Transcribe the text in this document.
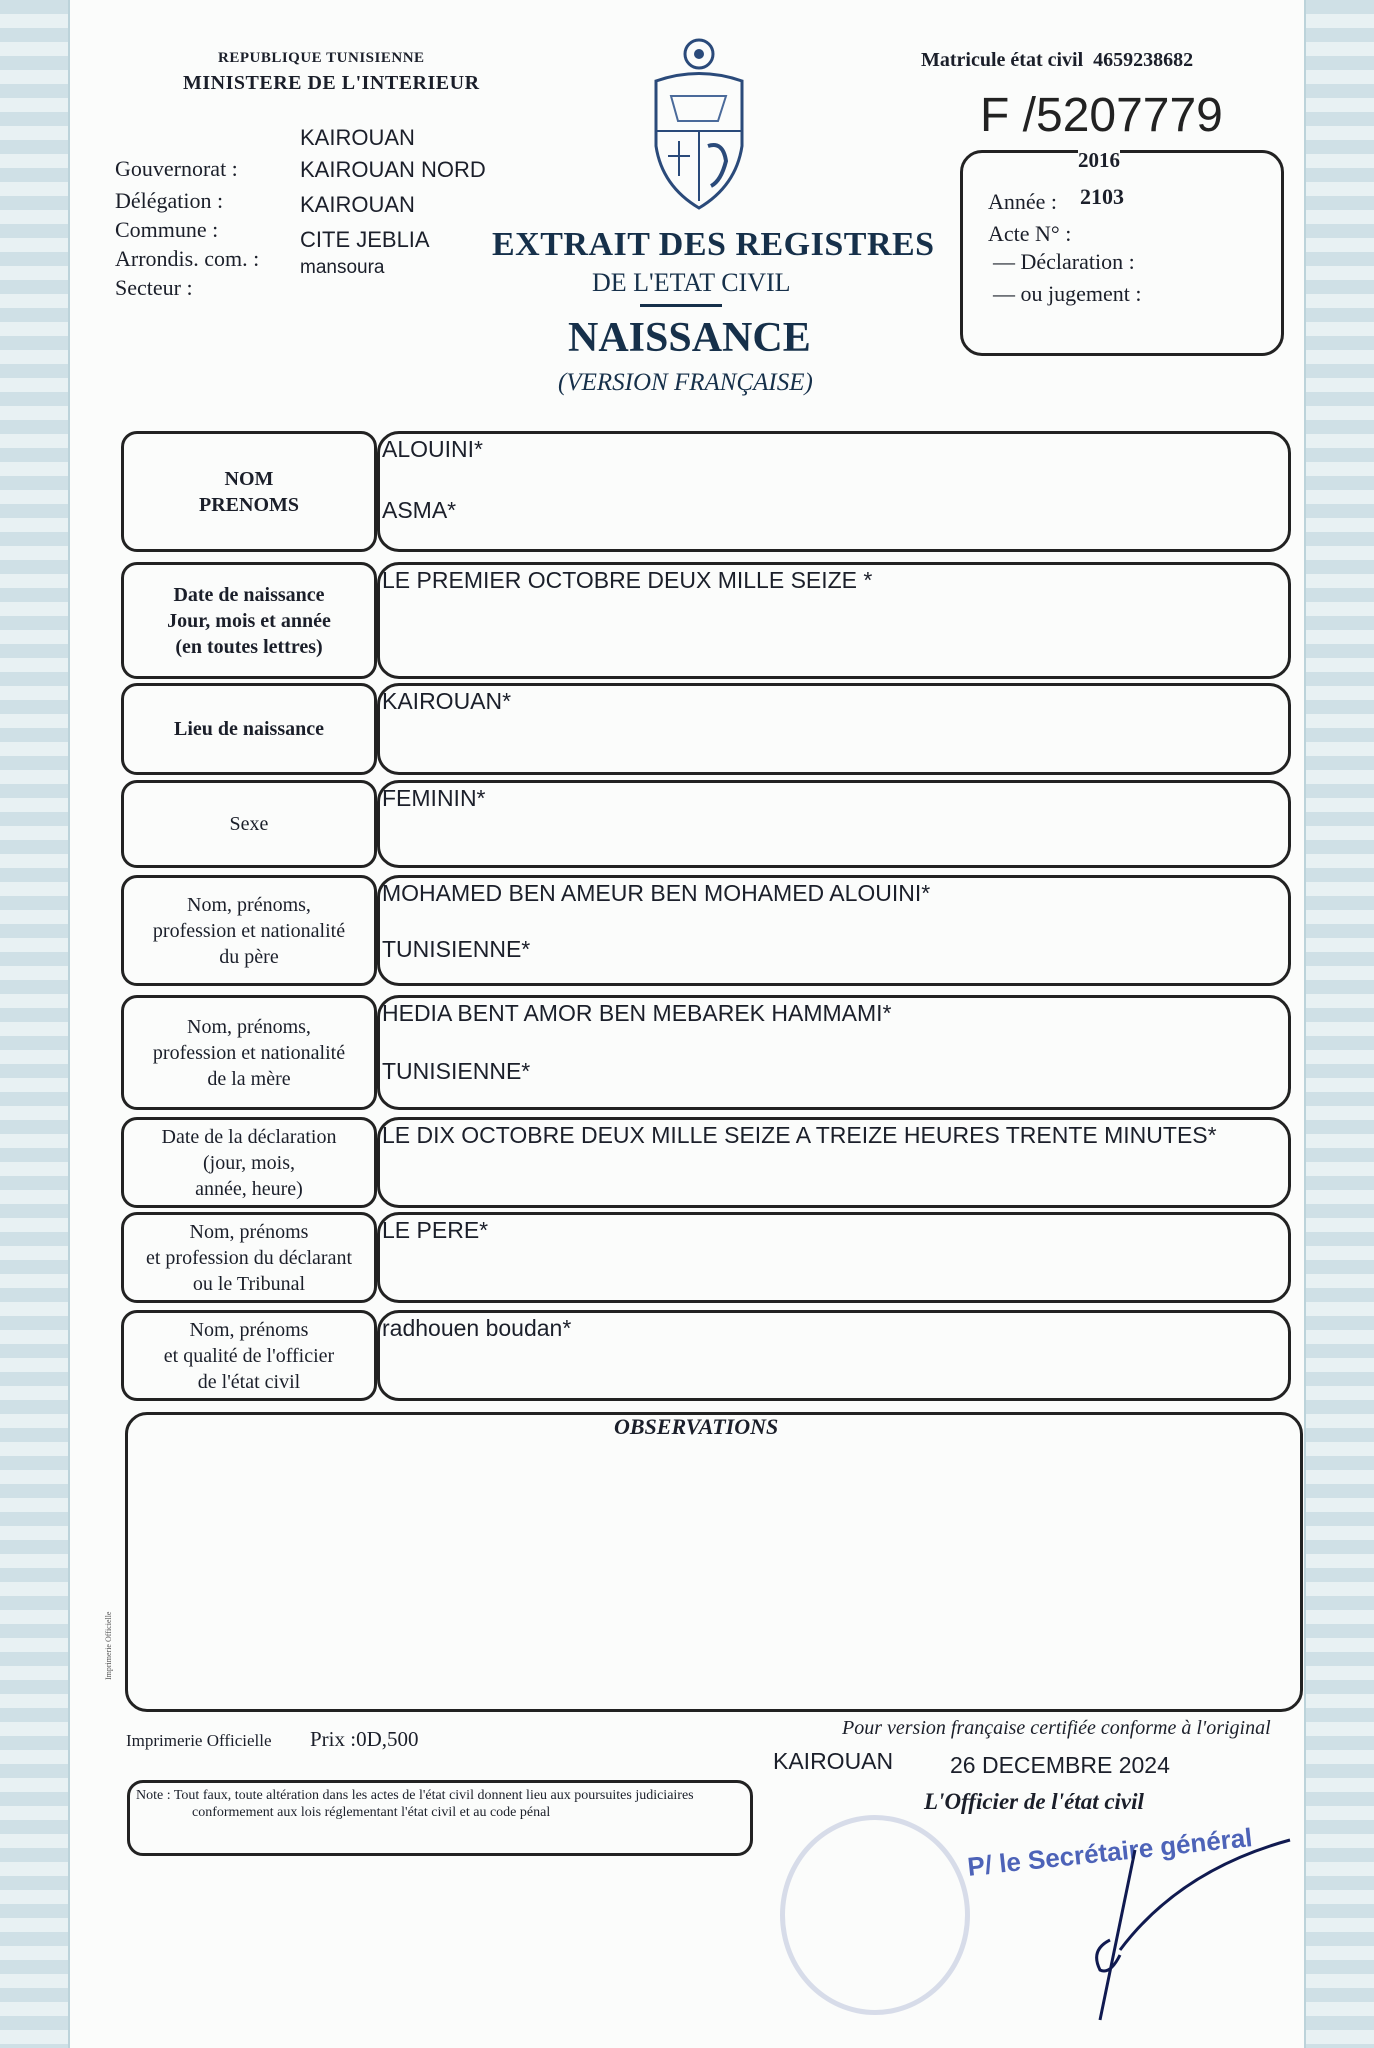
REPUBLIQUE TUNISIENNE
MINISTERE DE L'INTERIEUR
Gouvernorat :
Délégation :
Commune :
Arrondis. com. :
Secteur :
KAIROUAN
KAIROUAN NORD
KAIROUAN
CITE JEBLIA
mansoura
EXTRAIT DES REGISTRES
DE L'ETAT CIVIL
NAISSANCE
(VERSION FRANÇAISE)
Matricule état civil 4659238682
F /5207779
2016
Année : 2103
Acte N° :
— Déclaration :
— ou jugement :
NOM
PRENOMS
ALOUINI*
ASMA*
Date de naissance
Jour, mois et année
(en toutes lettres)
LE PREMIER OCTOBRE DEUX MILLE SEIZE *
Lieu de naissance
KAIROUAN*
Sexe
FEMININ*
Nom, prénoms,
profession et nationalité
du père
MOHAMED BEN AMEUR BEN MOHAMED ALOUINI*
TUNISIENNE*
Nom, prénoms,
profession et nationalité
de la mère
HEDIA BENT AMOR BEN MEBAREK HAMMAMI*
TUNISIENNE*
Date de la déclaration
(jour, mois,
année, heure)
LE DIX OCTOBRE DEUX MILLE SEIZE A TREIZE HEURES TRENTE MINUTES*
Nom, prénoms
et profession du déclarant
ou le Tribunal
LE PERE*
Nom, prénoms
et qualité de l'officier
de l'état civil
radhouen boudan*
OBSERVATIONS
Imprimerie Officielle
Imprimerie Officielle Prix :0D,500
Note : Tout faux, toute altération dans les actes de l'état civil donnent lieu aux poursuites judiciaires conformement aux lois réglementant l'état civil et au code pénal
Pour version française certifiée conforme à l'original
KAIROUAN 26 DECEMBRE 2024
L'Officier de l'état civil
P/ le Secrétaire général
